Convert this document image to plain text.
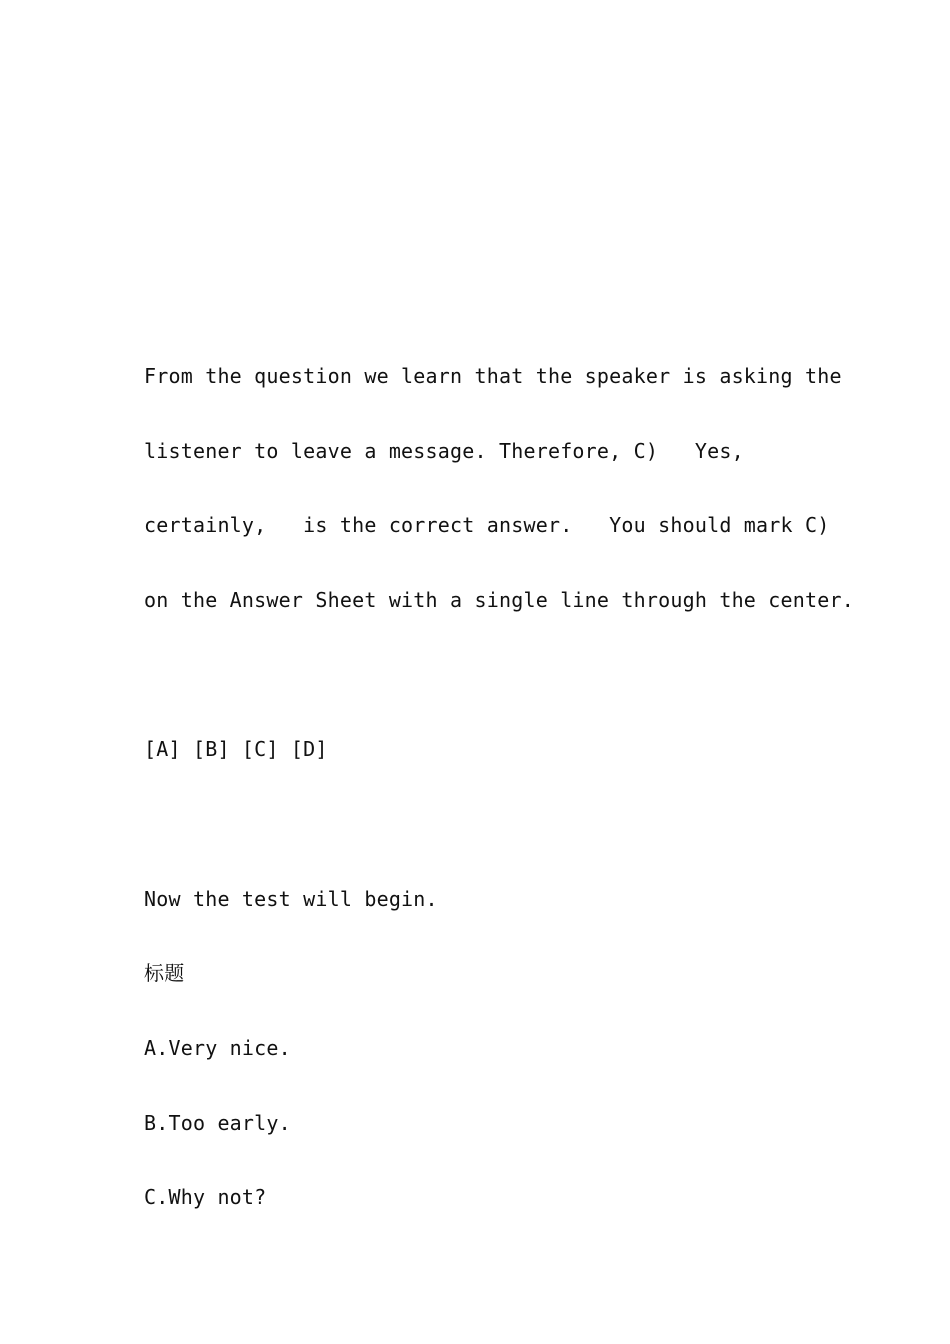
From the question we learn that the speaker is asking the
listener to leave a message. Therefore, C)   Yes,
certainly,   is the correct answer.   You should mark C)
on the Answer Sheet with a single line through the center.
[A] [B] [C] [D]
Now the test will begin.
标题
A.Very nice.
B.Too early.
C.Why not?
